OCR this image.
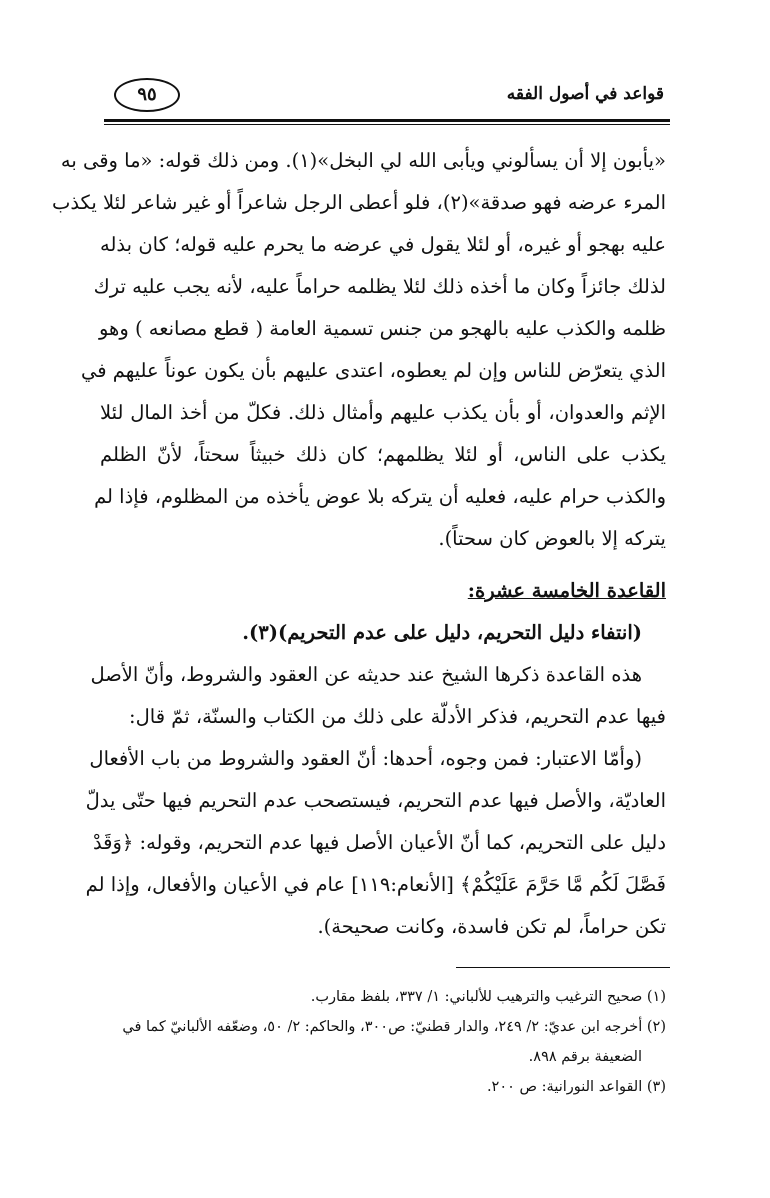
قواعد في أصول الفقه
٩٥
«يأبون إلا أن يسألوني ويأبى الله لي البخل»(١). ومن ذلك قوله: «ما وقى به
المرء عرضه فهو صدقة»(٢)، فلو أعطى الرجل شاعراً أو غير شاعر لئلا يكذب
عليه بهجو أو غيره، أو لئلا يقول في عرضه ما يحرم عليه قوله؛ كان بذله
لذلك جائزاً وكان ما أخذه ذلك لئلا يظلمه حراماً عليه، لأنه يجب عليه ترك
ظلمه والكذب عليه بالهجو من جنس تسمية العامة ( قطع مصانعه ) وهو
الذي يتعرّض للناس وإن لم يعطوه، اعتدى عليهم بأن يكون عوناً عليهم في
الإثم والعدوان، أو بأن يكذب عليهم وأمثال ذلك. فكلّ من أخذ المال لئلا
يكذب على الناس، أو لئلا يظلمهم؛ كان ذلك خبيثاً سحتاً، لأنّ الظلم
والكذب حرام عليه، فعليه أن يتركه بلا عوض يأخذه من المظلوم، فإذا لم
يتركه إلا بالعوض كان سحتاً).
القاعدة الخامسة عشرة:
(انتفاء دليل التحريم، دليل على عدم التحريم)(٣).
هذه القاعدة ذكرها الشيخ عند حديثه عن العقود والشروط، وأنّ الأصل
فيها عدم التحريم، فذكر الأدلّة على ذلك من الكتاب والسنّة، ثمّ قال:
(وأمّا الاعتبار: فمن وجوه، أحدها: أنّ العقود والشروط من باب الأفعال
العاديّة، والأصل فيها عدم التحريم، فيستصحب عدم التحريم فيها حتّى يدلّ
دليل على التحريم، كما أنّ الأعيان الأصل فيها عدم التحريم، وقوله: ﴿وَقَدْ
فَصَّلَ لَكُم مَّا حَرَّمَ عَلَيْكُمْ﴾ [الأنعام:١١٩] عام في الأعيان والأفعال، وإذا لم
تكن حراماً، لم تكن فاسدة، وكانت صحيحة).
(١) صحيح الترغيب والترهيب للألباني: ١/ ٣٣٧، بلفظ مقارب.
(٢) أخرجه ابن عديّ: ٢/ ٢٤٩، والدار قطنيّ: ص٣٠٠، والحاكم: ٢/ ٥٠، وضعّفه الألبانيّ كما في
الضعيفة برقم ٨٩٨.
(٣) القواعد النورانية: ص ٢٠٠.
